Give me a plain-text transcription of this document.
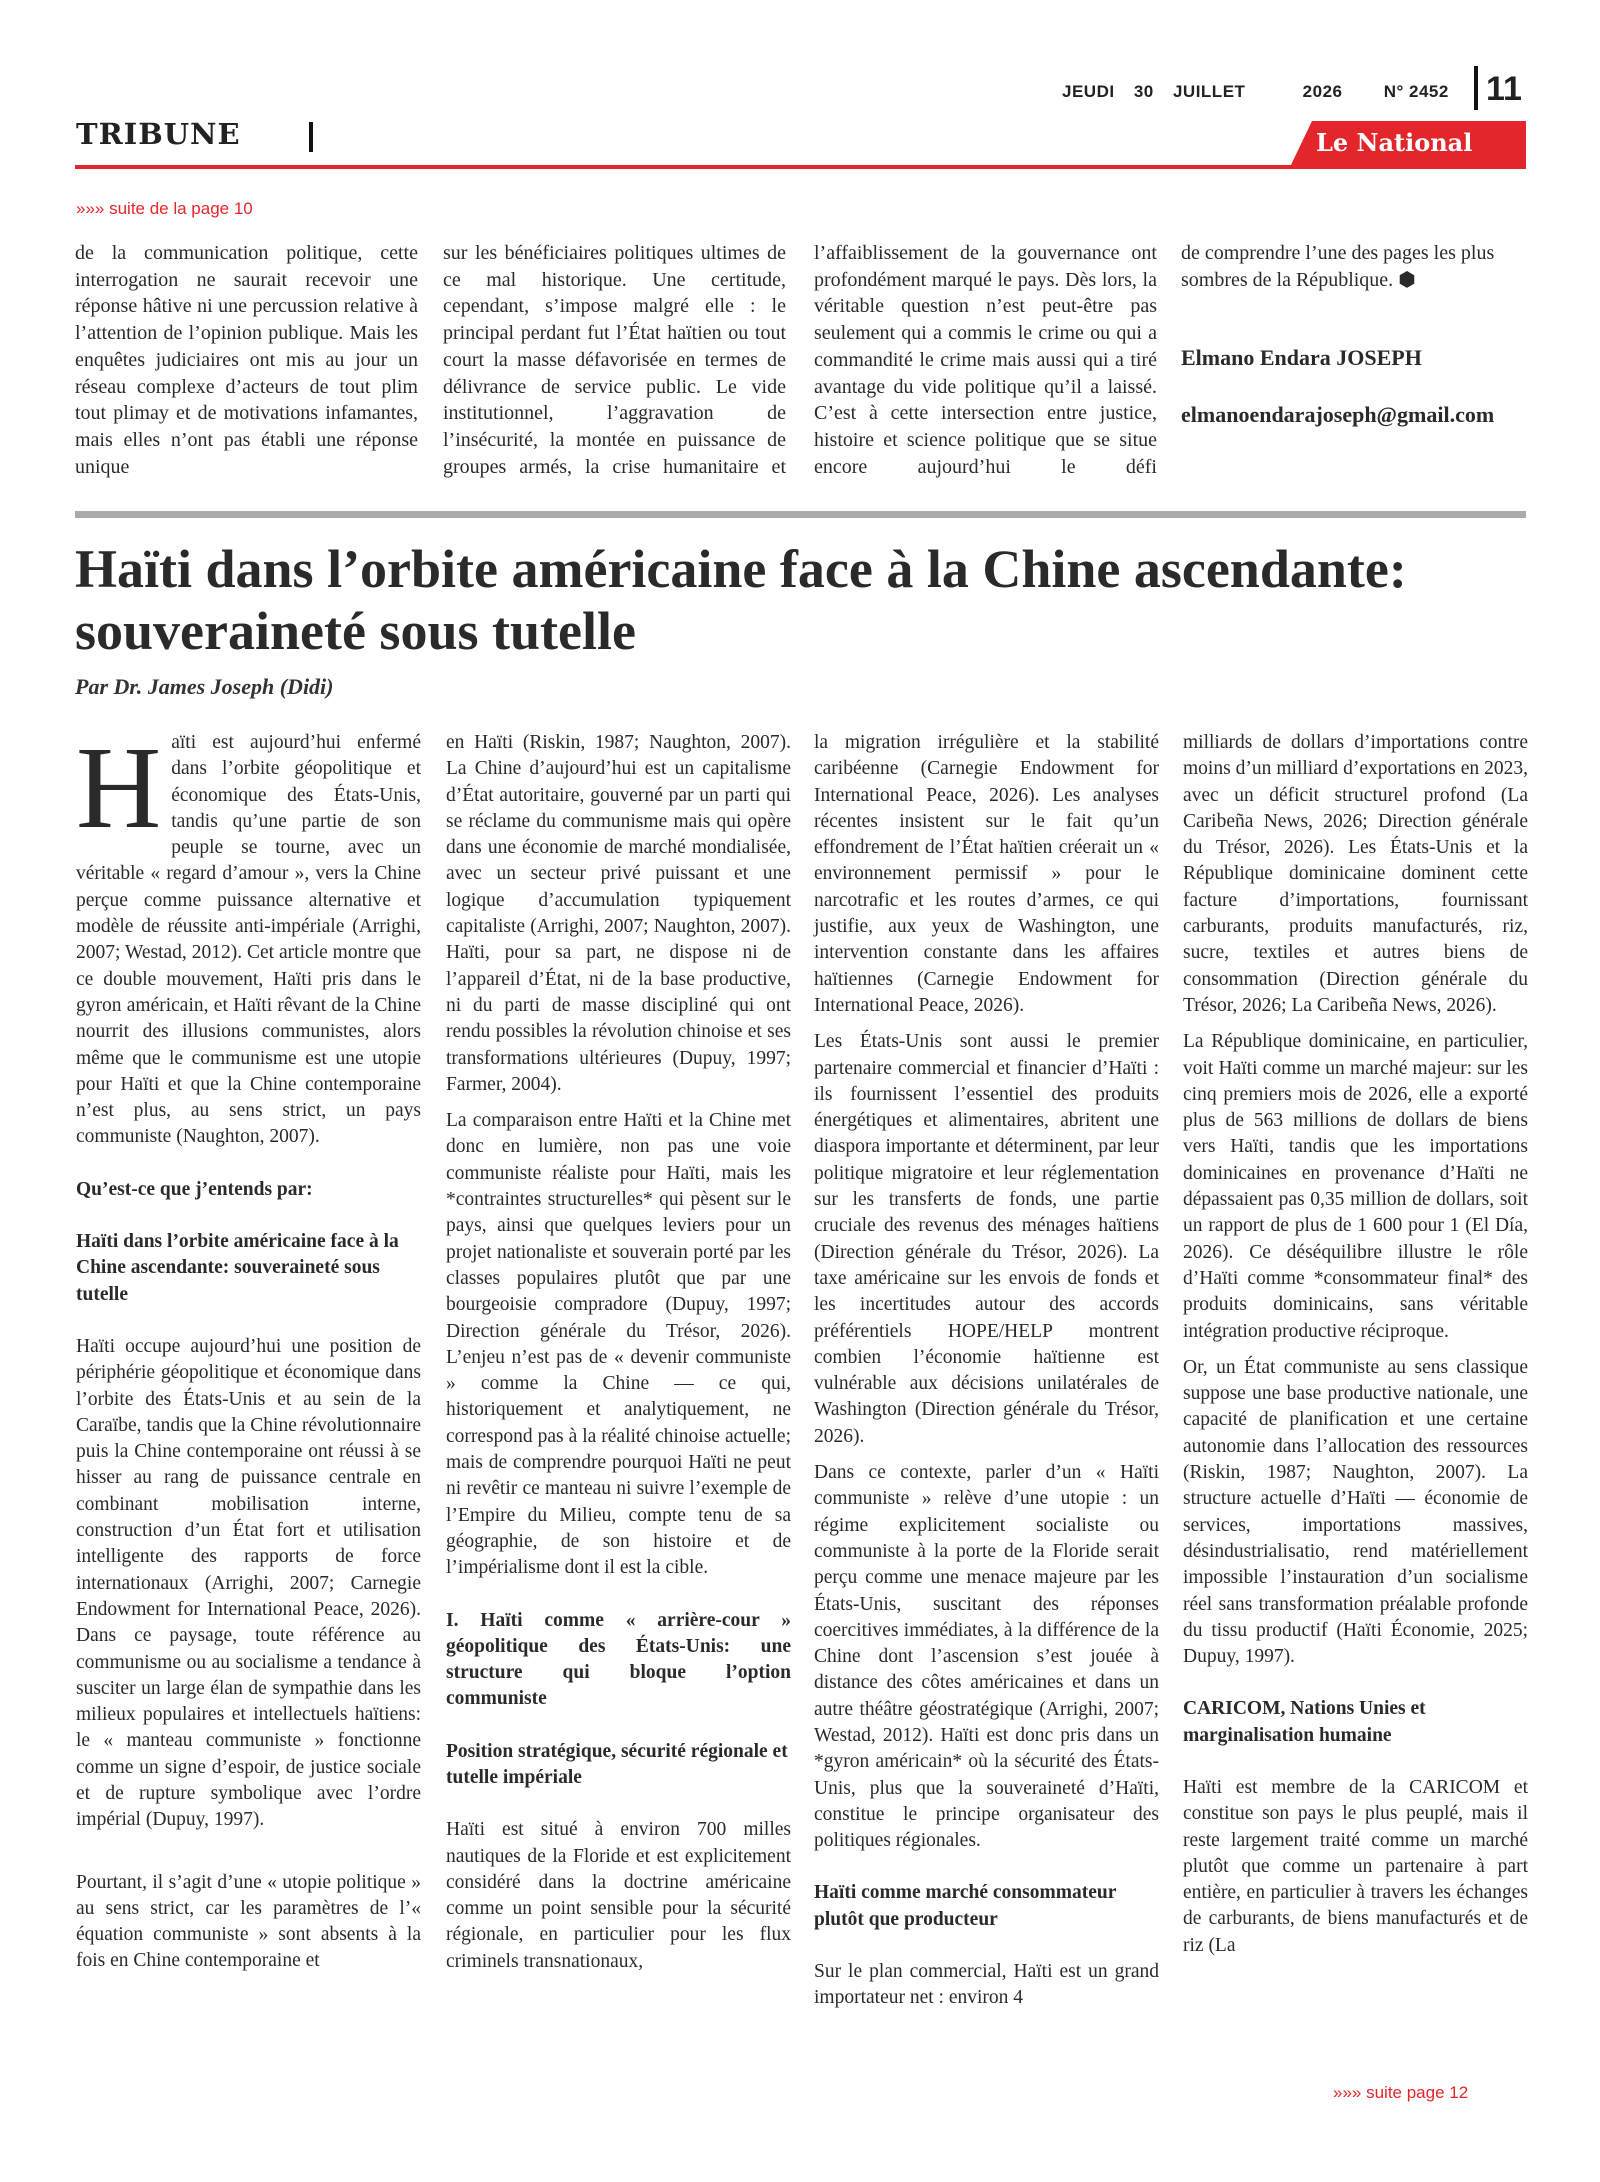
JEUDI 30 JUILLET	2026 N° 2452	11
TRIBUNE	Le National
»»» suite de la page 10

de la communication politique, cette interrogation ne saurait recevoir une réponse hâtive ni une percussion relative à l’attention de l’opinion publique. Mais les enquêtes judiciaires ont mis au jour un réseau complexe d’acteurs de tout plim tout plimay et de motivations infamantes, mais elles n’ont pas établi une réponse unique

sur les bénéficiaires politiques ultimes de ce mal historique. Une certitude, cependant, s’impose malgré elle : le principal perdant fut l’État haïtien ou tout court la masse défavorisée en termes de délivrance de service public. Le vide institutionnel, l’aggravation de l’insécurité, la montée en puissance de groupes armés, la crise humanitaire et

l’affaiblissement de la gouvernance ont profondément marqué le pays. Dès lors, la véritable question n’est peut-être pas seulement qui a commis le crime ou qui a commandité le crime mais aussi qui a tiré avantage du vide politique qu’il a laissé. C’est à cette intersection entre justice, histoire et science politique que se situe encore aujourd’hui le défi

de comprendre l’une des pages les plus sombres de la République. ⬢

Elmano Endara JOSEPH

elmanoendarajoseph@gmail.com

Haïti dans l’orbite américaine face à la Chine ascendante: souveraineté sous tutelle
Par Dr. James Joseph (Didi)

Haïti est aujourd’hui enfermé dans l’orbite géopolitique et économique des États-Unis, tandis qu’une partie de son peuple se tourne, avec un véritable « regard d’amour », vers la Chine perçue comme puissance alternative et modèle de réussite anti-impériale (Arrighi, 2007; Westad, 2012). Cet article montre que ce double mouvement, Haïti pris dans le gyron américain, et Haïti rêvant de la Chine nourrit des illusions communistes, alors même que le communisme est une utopie pour Haïti et que la Chine contemporaine n’est plus, au sens strict, un pays communiste (Naughton, 2007).

Qu’est-ce que j’entends par:

Haïti dans l’orbite américaine face à la Chine ascendante: souveraineté sous tutelle

Haïti occupe aujourd’hui une position de périphérie géopolitique et économique dans l’orbite des États-Unis et au sein de la Caraïbe, tandis que la Chine révolutionnaire puis la Chine contemporaine ont réussi à se hisser au rang de puissance centrale en combinant mobilisation interne, construction d’un État fort et utilisation intelligente des rapports de force internationaux (Arrighi, 2007; Carnegie Endowment for International Peace, 2026). Dans ce paysage, toute référence au communisme ou au socialisme a tendance à susciter un large élan de sympathie dans les milieux populaires et intellectuels haïtiens: le « manteau communiste » fonctionne comme un signe d’espoir, de justice sociale et de rupture symbolique avec l’ordre impérial (Dupuy, 1997).

Pourtant, il s’agit d’une « utopie politique » au sens strict, car les paramètres de l’« équation communiste » sont absents à la fois en Chine contemporaine et

en Haïti (Riskin, 1987; Naughton, 2007). La Chine d’aujourd’hui est un capitalisme d’État autoritaire, gouverné par un parti qui se réclame du communisme mais qui opère dans une économie de marché mondialisée, avec un secteur privé puissant et une logique d’accumulation typiquement capitaliste (Arrighi, 2007; Naughton, 2007). Haïti, pour sa part, ne dispose ni de l’appareil d’État, ni de la base productive, ni du parti de masse discipliné qui ont rendu possibles la révolution chinoise et ses transformations ultérieures (Dupuy, 1997; Farmer, 2004).

La comparaison entre Haïti et la Chine met donc en lumière, non pas une voie communiste réaliste pour Haïti, mais les *contraintes structurelles* qui pèsent sur le pays, ainsi que quelques leviers pour un projet nationaliste et souverain porté par les classes populaires plutôt que par une bourgeoisie compradore (Dupuy, 1997; Direction générale du Trésor, 2026). L’enjeu n’est pas de « devenir communiste » comme la Chine — ce qui, historiquement et analytiquement, ne correspond pas à la réalité chinoise actuelle; mais de comprendre pourquoi Haïti ne peut ni revêtir ce manteau ni suivre l’exemple de l’Empire du Milieu, compte tenu de sa géographie, de son histoire et de l’impérialisme dont il est la cible.

I. Haïti comme « arrière-cour » géopolitique des États-Unis: une structure qui bloque l’option communiste

Position stratégique, sécurité régionale et tutelle impériale

Haïti est situé à environ 700 milles nautiques de la Floride et est explicitement considéré dans la doctrine américaine comme un point sensible pour la sécurité régionale, en particulier pour les flux criminels transnationaux,

la migration irrégulière et la stabilité caribéenne (Carnegie Endowment for International Peace, 2026). Les analyses récentes insistent sur le fait qu’un effondrement de l’État haïtien créerait un « environnement permissif » pour le narcotrafic et les routes d’armes, ce qui justifie, aux yeux de Washington, une intervention constante dans les affaires haïtiennes (Carnegie Endowment for International Peace, 2026).

Les États-Unis sont aussi le premier partenaire commercial et financier d’Haïti : ils fournissent l’essentiel des produits énergétiques et alimentaires, abritent une diaspora importante et déterminent, par leur politique migratoire et leur réglementation sur les transferts de fonds, une partie cruciale des revenus des ménages haïtiens (Direction générale du Trésor, 2026). La taxe américaine sur les envois de fonds et les incertitudes autour des accords préférentiels HOPE/HELP montrent combien l’économie haïtienne est vulnérable aux décisions unilatérales de Washington (Direction générale du Trésor, 2026).

Dans ce contexte, parler d’un « Haïti communiste » relève d’une utopie : un régime explicitement socialiste ou communiste à la porte de la Floride serait perçu comme une menace majeure par les États-Unis, suscitant des réponses coercitives immédiates, à la différence de la Chine dont l’ascension s’est jouée à distance des côtes américaines et dans un autre théâtre géostratégique (Arrighi, 2007; Westad, 2012). Haïti est donc pris dans un *gyron américain* où la sécurité des États-Unis, plus que la souveraineté d’Haïti, constitue le principe organisateur des politiques régionales.

Haïti comme marché consommateur plutôt que producteur

Sur le plan commercial, Haïti est un grand importateur net : environ 4

milliards de dollars d’importations contre moins d’un milliard d’exportations en 2023, avec un déficit structurel profond (La Caribeña News, 2026; Direction générale du Trésor, 2026). Les États-Unis et la République dominicaine dominent cette facture d’importations, fournissant carburants, produits manufacturés, riz, sucre, textiles et autres biens de consommation (Direction générale du Trésor, 2026; La Caribeña News, 2026).

La République dominicaine, en particulier, voit Haïti comme un marché majeur: sur les cinq premiers mois de 2026, elle a exporté plus de 563 millions de dollars de biens vers Haïti, tandis que les importations dominicaines en provenance d’Haïti ne dépassaient pas 0,35 million de dollars, soit un rapport de plus de 1 600 pour 1 (El Día, 2026). Ce déséquilibre illustre le rôle d’Haïti comme *consommateur final* des produits dominicains, sans véritable intégration productive réciproque.

Or, un État communiste au sens classique suppose une base productive nationale, une capacité de planification et une certaine autonomie dans l’allocation des ressources (Riskin, 1987; Naughton, 2007). La structure actuelle d’Haïti — économie de services, importations massives, désindustrialisatio, rend matériellement impossible l’instauration d’un socialisme réel sans transformation préalable profonde du tissu productif (Haïti Économie, 2025; Dupuy, 1997).

CARICOM, Nations Unies et marginalisation humaine

Haïti est membre de la CARICOM et constitue son pays le plus peuplé, mais il reste largement traité comme un marché plutôt que comme un partenaire à part entière, en particulier à travers les échanges de carburants, de biens manufacturés et de riz (La

»»» suite page 12
